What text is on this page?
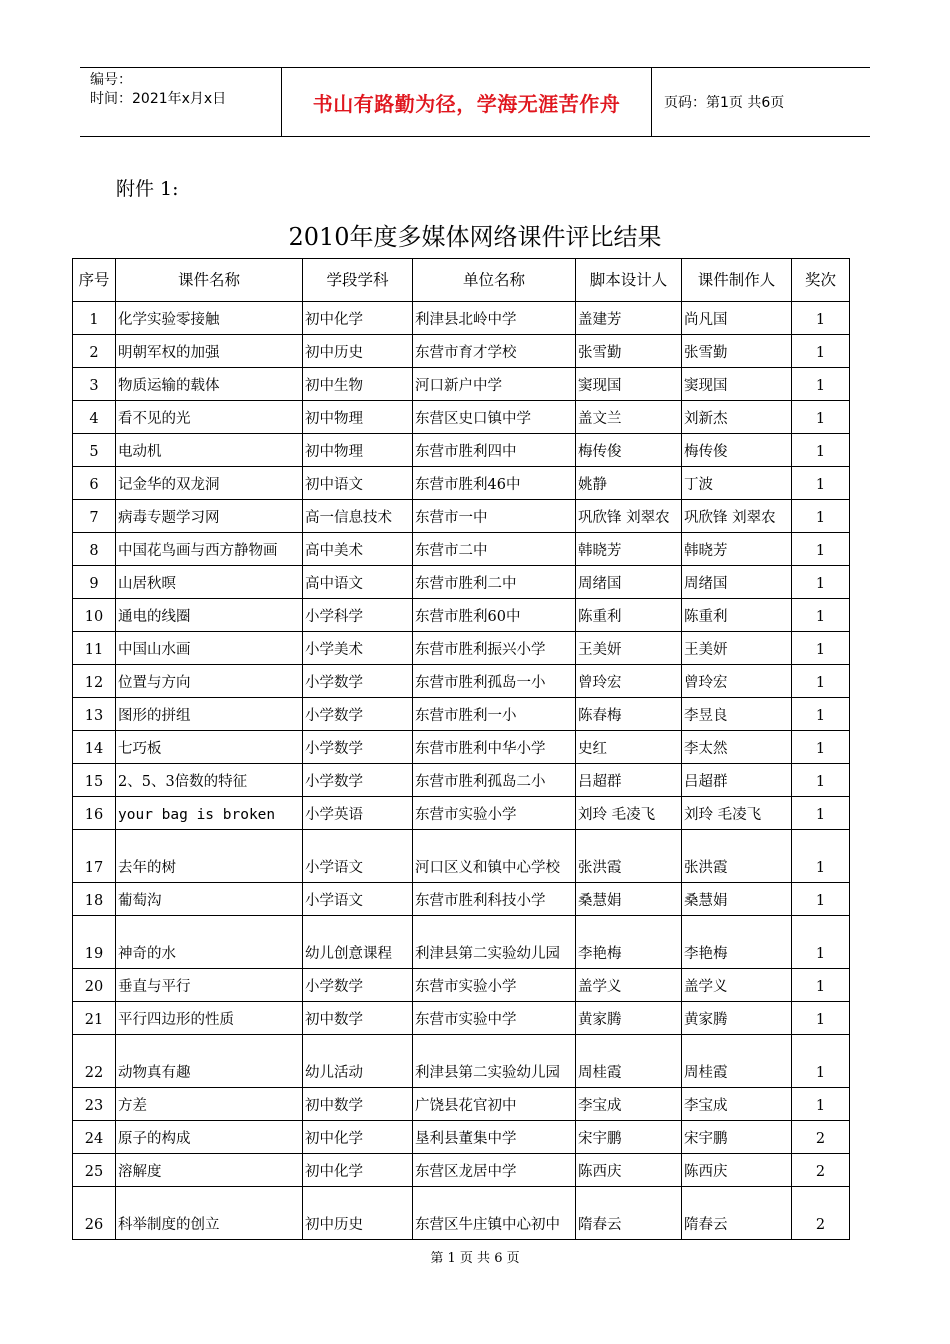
编号：
时间：2021年x月x日	书山有路勤为径，学海无涯苦作舟	页码：第1页 共6页
附件 1:
2010年度多媒体网络课件评比结果
序号	课件名称	学段学科	单位名称	脚本设计人	课件制作人	奖次
1	化学实验零接触	初中化学	利津县北岭中学	盖建芳	尚凡国	1
2	明朝军权的加强	初中历史	东营市育才学校	张雪勤	张雪勤	1
3	物质运输的载体	初中生物	河口新户中学	窦现国	窦现国	1
4	看不见的光	初中物理	东营区史口镇中学	盖文兰	刘新杰	1
5	电动机	初中物理	东营市胜利四中	梅传俊	梅传俊	1
6	记金华的双龙洞	初中语文	东营市胜利46中	姚静	丁波	1
7	病毒专题学习网	高一信息技术	东营市一中	巩欣锋 刘翠农	巩欣锋 刘翠农	1
8	中国花鸟画与西方静物画	高中美术	东营市二中	韩晓芳	韩晓芳	1
9	山居秋暝	高中语文	东营市胜利二中	周绪国	周绪国	1
10	通电的线圈	小学科学	东营市胜利60中	陈重利	陈重利	1
11	中国山水画	小学美术	东营市胜利振兴小学	王美妍	王美妍	1
12	位置与方向	小学数学	东营市胜利孤岛一小	曾玲宏	曾玲宏	1
13	图形的拼组	小学数学	东营市胜利一小	陈春梅	李昱良	1
14	七巧板	小学数学	东营市胜利中华小学	史红	李太然	1
15	2、5、3倍数的特征	小学数学	东营市胜利孤岛二小	吕超群	吕超群	1
16	your bag is broken	小学英语	东营市实验小学	刘玲 毛凌飞	刘玲 毛凌飞	1
17	去年的树	小学语文	河口区义和镇中心学校	张洪霞	张洪霞	1
18	葡萄沟	小学语文	东营市胜利科技小学	桑慧娟	桑慧娟	1
19	神奇的水	幼儿创意课程	利津县第二实验幼儿园	李艳梅	李艳梅	1
20	垂直与平行	小学数学	东营市实验小学	盖学义	盖学义	1
21	平行四边形的性质	初中数学	东营市实验中学	黄家腾	黄家腾	1
22	动物真有趣	幼儿活动	利津县第二实验幼儿园	周桂霞	周桂霞	1
23	方差	初中数学	广饶县花官初中	李宝成	李宝成	1
24	原子的构成	初中化学	垦利县董集中学	宋宇鹏	宋宇鹏	2
25	溶解度	初中化学	东营区龙居中学	陈西庆	陈西庆	2
26	科举制度的创立	初中历史	东营区牛庄镇中心初中	隋春云	隋春云	2
第 1 页 共 6 页
